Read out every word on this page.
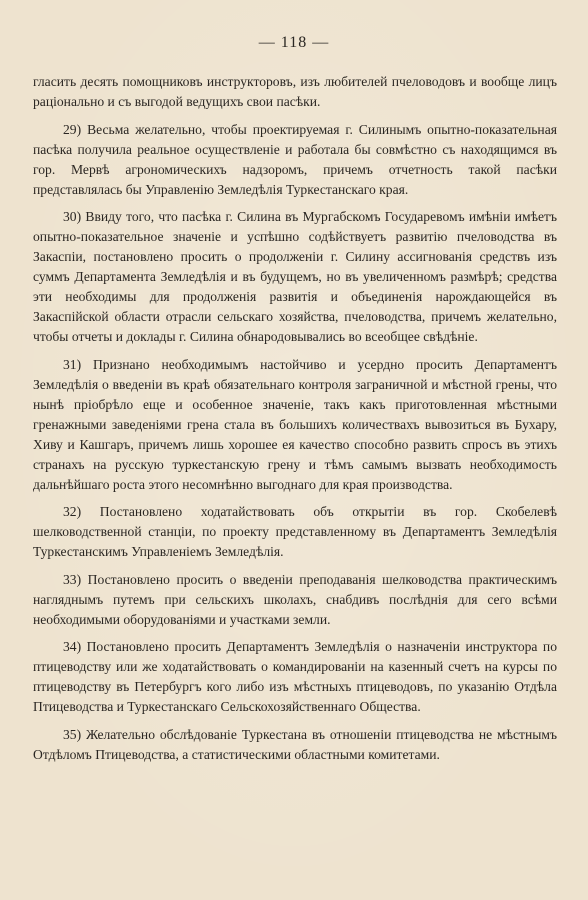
— 118 —

гласить десять помощниковъ инструкторовъ, изъ любителей пчеловодовъ и вообще лицъ раціонально и съ выгодой ведущихъ свои пасѣки.

29) Весьма желательно, чтобы проектируемая г. Силинымъ опытно-показательная пасѣка получила реальное осуществленіе и работала бы совмѣстно съ находящимся въ гор. Мервѣ агрономическихъ надзоромъ, причемъ отчетность такой пасѣки представлялась бы Управленію Земледѣлія Туркестанскаго края.

30) Ввиду того, что пасѣка г. Силина въ Мургабскомъ Государевомъ имѣніи имѣетъ опытно-показательное значеніе и успѣшно содѣйствуетъ развитію пчеловодства въ Закаспіи, постановлено просить о продолженіи г. Силину ассигнованія средствъ изъ суммъ Департамента Земледѣлія и въ будущемъ, но въ увеличенномъ размѣрѣ; средства эти необходимы для продолженія развитія и объединенія нарождающейся въ Закаспійской области отрасли сельскаго хозяйства, пчеловодства, причемъ желательно, чтобы отчеты и доклады г. Силина обнародовывались во всеобщее свѣдѣніе.

31) Признано необходимымъ настойчиво и усердно просить Департаментъ Земледѣлія о введеніи въ краѣ обязательнаго контроля заграничной и мѣстной грены, что нынѣ пріобрѣло еще и особенное значеніе, такъ какъ приготовленная мѣстными гренажными заведеніями грена стала въ большихъ количествахъ вывозиться въ Бухару, Хиву и Кашгаръ, причемъ лишь хорошее ея качество способно развить спросъ въ этихъ странахъ на русскую туркестанскую грену и тѣмъ самымъ вызвать необходимость дальнѣйшаго роста этого несомнѣнно выгоднаго для края производства.

32) Постановлено ходатайствовать объ открытіи въ гор. Скобелевѣ шелководственной станціи, по проекту представленному въ Департаментъ Земледѣлія Туркестанскимъ Управленіемъ Земледѣлія.

33) Постановлено просить о введеніи преподаванія шелководства практическимъ нагляднымъ путемъ при сельскихъ школахъ, снабдивъ послѣднія для сего всѣми необходимыми оборудованіями и участками земли.

34) Постановлено просить Департаментъ Земледѣлія о назначеніи инструктора по птицеводству или же ходатайствовать о командированіи на казенный счетъ на курсы по птицеводству въ Петербургъ кого либо изъ мѣстныхъ птицеводовъ, по указанію Отдѣла Птицеводства и Туркестанскаго Сельскохозяйственнаго Общества.

35) Желательно обслѣдованіе Туркестана въ отношеніи птицеводства не мѣстнымъ Отдѣломъ Птицеводства, а статистическими областными комитетами.
